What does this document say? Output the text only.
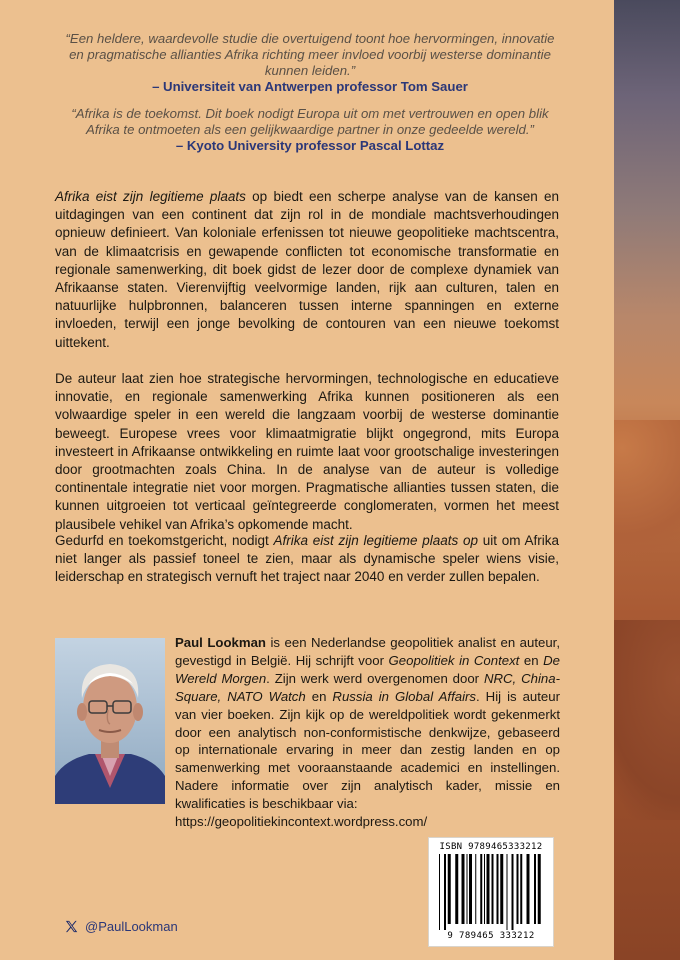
“Een heldere, waardevolle studie die overtuigend toont hoe hervormingen, innovatie en pragmatische allianties Afrika richting meer invloed voorbij westerse dominantie kunnen leiden.”
– Universiteit van Antwerpen professor Tom Sauer
“Afrika is de toekomst. Dit boek nodigt Europa uit om met vertrouwen en open blik Afrika te ontmoeten als een gelijkwaardige partner in onze gedeelde wereld.”
– Kyoto University professor Pascal Lottaz
Afrika eist zijn legitieme plaats op biedt een scherpe analyse van de kansen en uitdagingen van een continent dat zijn rol in de mondiale machtsverhoudingen opnieuw definieert. Van koloniale erfenissen tot nieuwe geopolitieke machtscentra, van de klimaatcrisis en gewapende conflicten tot economische transformatie en regionale samenwerking, dit boek gidst de lezer door de complexe dynamiek van Afrikaanse staten. Vierenvijftig veelvormige landen, rijk aan culturen, talen en natuurlijke hulpbronnen, balanceren tussen interne spanningen en externe invloeden, terwijl een jonge bevolking de contouren van een nieuwe toekomst uittekent.
De auteur laat zien hoe strategische hervormingen, technologische en educatieve innovatie, en regionale samenwerking Afrika kunnen positioneren als een volwaardige speler in een wereld die langzaam voorbij de westerse dominantie beweegt. Europese vrees voor klimaatmigratie blijkt ongegrond, mits Europa investeert in Afrikaanse ontwikkeling en ruimte laat voor grootschalige investeringen door grootmachten zoals China. In de analyse van de auteur is volledige continentale integratie niet voor morgen. Pragmatische allianties tussen staten, die kunnen uitgroeien tot verticaal geïntegreerde conglomeraten, vormen het meest plausibele vehikel van Afrika’s opkomende macht.
Gedurfd en toekomstgericht, nodigt Afrika eist zijn legitieme plaats op uit om Afrika niet langer als passief toneel te zien, maar als dynamische speler wiens visie, leiderschap en strategisch vernuft het traject naar 2040 en verder zullen bepalen.
Paul Lookman is een Nederlandse geopolitiek analist en auteur, gevestigd in België. Hij schrijft voor Geopolitiek in Context en De Wereld Morgen. Zijn werk werd overgenomen door NRC, China-Square, NATO Watch en Russia in Global Affairs. Hij is auteur van vier boeken. Zijn kijk op de wereldpolitiek wordt gekenmerkt door een analytisch non-conformistische denkwijze, gebaseerd op internationale ervaring in meer dan zestig landen en op samenwerking met vooraanstaande academici en instellingen. Nadere informatie over zijn analytisch kader, missie en kwalificaties is beschikbaar via:
https://geopolitiekincontext.wordpress.com/
@PaulLookman
ISBN 9789465333212
9 789465 333212
